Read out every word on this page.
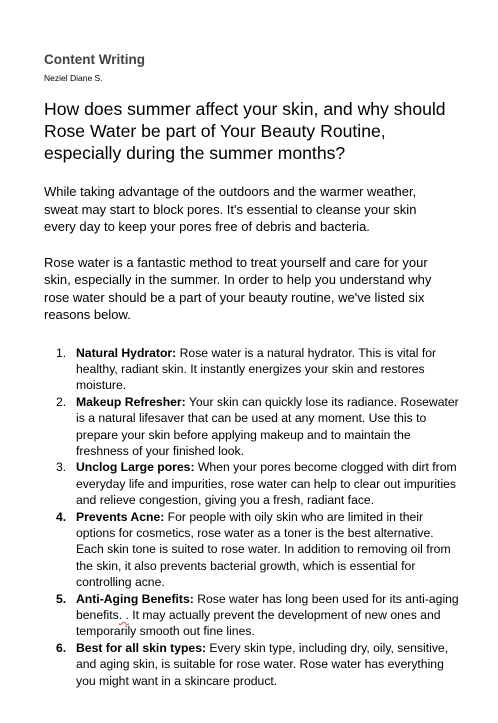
Content Writing
Neziel Diane S.
How does summer affect your skin, and why should Rose Water be part of Your Beauty Routine, especially during the summer months?

While taking advantage of the outdoors and the warmer weather, sweat may start to block pores. It's essential to cleanse your skin every day to keep your pores free of debris and bacteria.

Rose water is a fantastic method to treat yourself and care for your skin, especially in the summer. In order to help you understand why rose water should be a part of your beauty routine, we've listed six reasons below.

1. Natural Hydrator: Rose water is a natural hydrator. This is vital for healthy, radiant skin. It instantly energizes your skin and restores moisture.
2. Makeup Refresher: Your skin can quickly lose its radiance. Rosewater is a natural lifesaver that can be used at any moment. Use this to prepare your skin before applying makeup and to maintain the freshness of your finished look.
3. Unclog Large pores: When your pores become clogged with dirt from everyday life and impurities, rose water can help to clear out impurities and relieve congestion, giving you a fresh, radiant face.
4. Prevents Acne: For people with oily skin who are limited in their options for cosmetics, rose water as a toner is the best alternative. Each skin tone is suited to rose water. In addition to removing oil from the skin, it also prevents bacterial growth, which is essential for controlling acne.
5. Anti-Aging Benefits: Rose water has long been used for its anti-aging benefits. . It may actually prevent the development of new ones and temporarily smooth out fine lines.
6. Best for all skin types: Every skin type, including dry, oily, sensitive, and aging skin, is suitable for rose water. Rose water has everything you might want in a skincare product.
